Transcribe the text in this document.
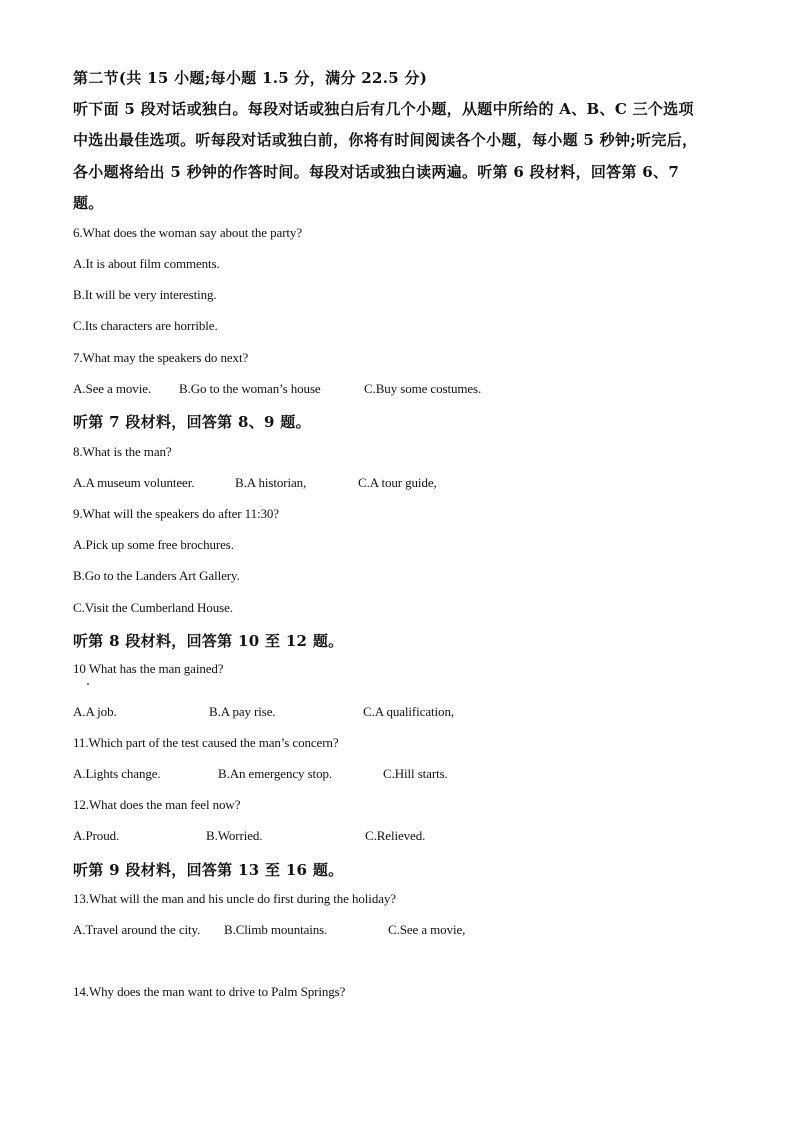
第二节(共 15 小题;每小题 1.5 分，满分 22.5 分)
听下面 5 段对话或独白。每段对话或独白后有几个小题，从题中所给的 A、B、C 三个选项
中选出最佳选项。听每段对话或独白前，你将有时间阅读各个小题，每小题 5 秒钟;听完后，
各小题将给出 5 秒钟的作答时间。每段对话或独白读两遍。听第 6 段材料，回答第 6、7
题。
6.What does the woman say about the party?
A.It is about film comments.
B.It will be very interesting.
C.Its characters are horrible.
7.What may the speakers do next?
A.See a movie. B.Go to the woman’s house	C.Buy some costumes.
听第 7 段材料，回答第 8、9 题。
8.What is the man?
A.A museum volunteer.	B.A historian,	C.A tour guide,
9.What will the speakers do after 11:30?
A.Pick up some free brochures.
B.Go to the Landers Art Gallery.
C.Visit the Cumberland House.
听第 8 段材料，回答第 10 至 12 题。
10 What has the man gained?
A.A job.	B.A pay rise.	C.A qualification,
11.Which part of the test caused the man’s concern?
A.Lights change.	B.An emergency stop.	C.Hill starts.
12.What does the man feel now?
A.Proud.	B.Worried.	C.Relieved.
听第 9 段材料，回答第 13 至 16 题。
13.What will the man and his uncle do first during the holiday?
A.Travel around the city. B.Climb mountains.	C.See a movie,
14.Why does the man want to drive to Palm Springs?
